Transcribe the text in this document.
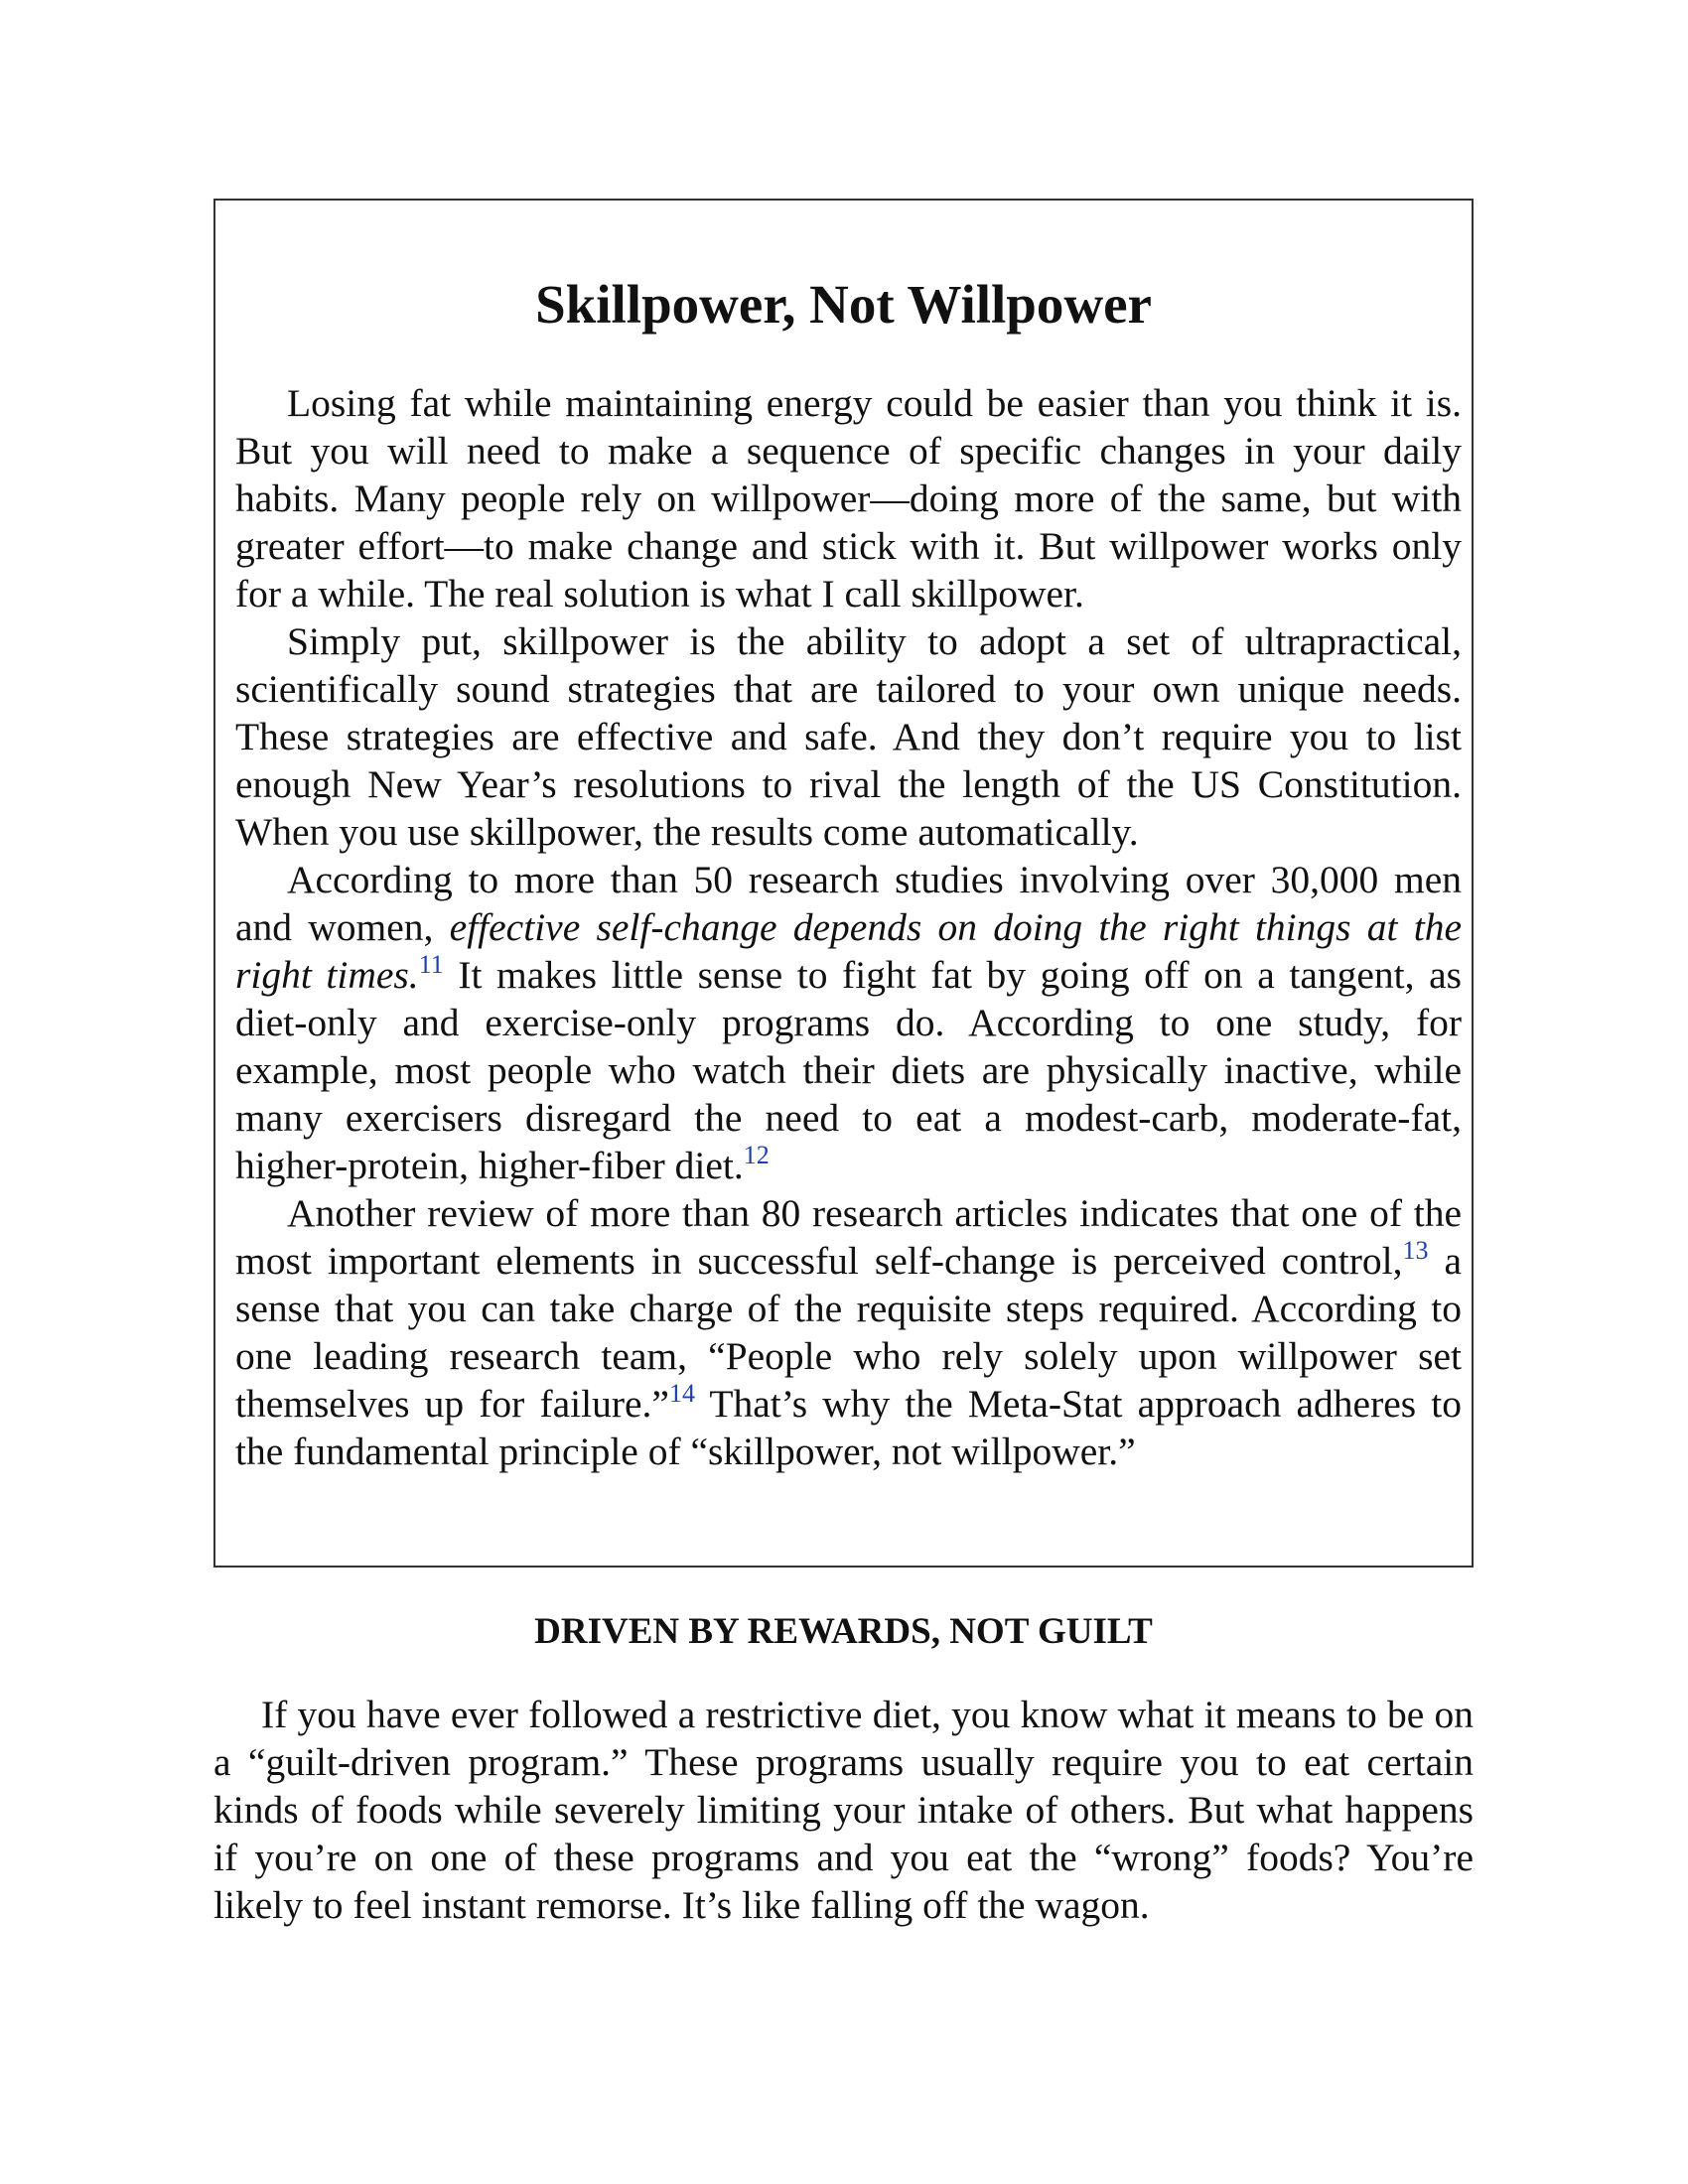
Skillpower, Not Willpower

Losing fat while maintaining energy could be easier than you think it is. But you will need to make a sequence of specific changes in your daily habits. Many people rely on willpower—doing more of the same, but with greater effort—to make change and stick with it. But willpower works only for a while. The real solution is what I call skillpower.

Simply put, skillpower is the ability to adopt a set of ultrapractical, scientifically sound strategies that are tailored to your own unique needs. These strategies are effective and safe. And they don’t require you to list enough New Year’s resolutions to rival the length of the US Constitution. When you use skillpower, the results come automatically.

According to more than 50 research studies involving over 30,000 men and women, effective self-change depends on doing the right things at the right times.$^{11}$ It makes little sense to fight fat by going off on a tangent, as diet-only and exercise-only programs do. According to one study, for example, most people who watch their diets are physically inactive, while many exercisers disregard the need to eat a modest-carb, moderate-fat, higher-protein, higher-fiber diet.$^{12}$

Another review of more than 80 research articles indicates that one of the most important elements in successful self-change is perceived control,$^{13}$ a sense that you can take charge of the requisite steps required. According to one leading research team, “People who rely solely upon willpower set themselves up for failure.”$^{14}$ That’s why the Meta-Stat approach adheres to the fundamental principle of “skillpower, not willpower.”

DRIVEN BY REWARDS, NOT GUILT

If you have ever followed a restrictive diet, you know what it means to be on a “guilt-driven program.” These programs usually require you to eat certain kinds of foods while severely limiting your intake of others. But what happens if you’re on one of these programs and you eat the “wrong” foods? You’re likely to feel instant remorse. It’s like falling off the wagon.
